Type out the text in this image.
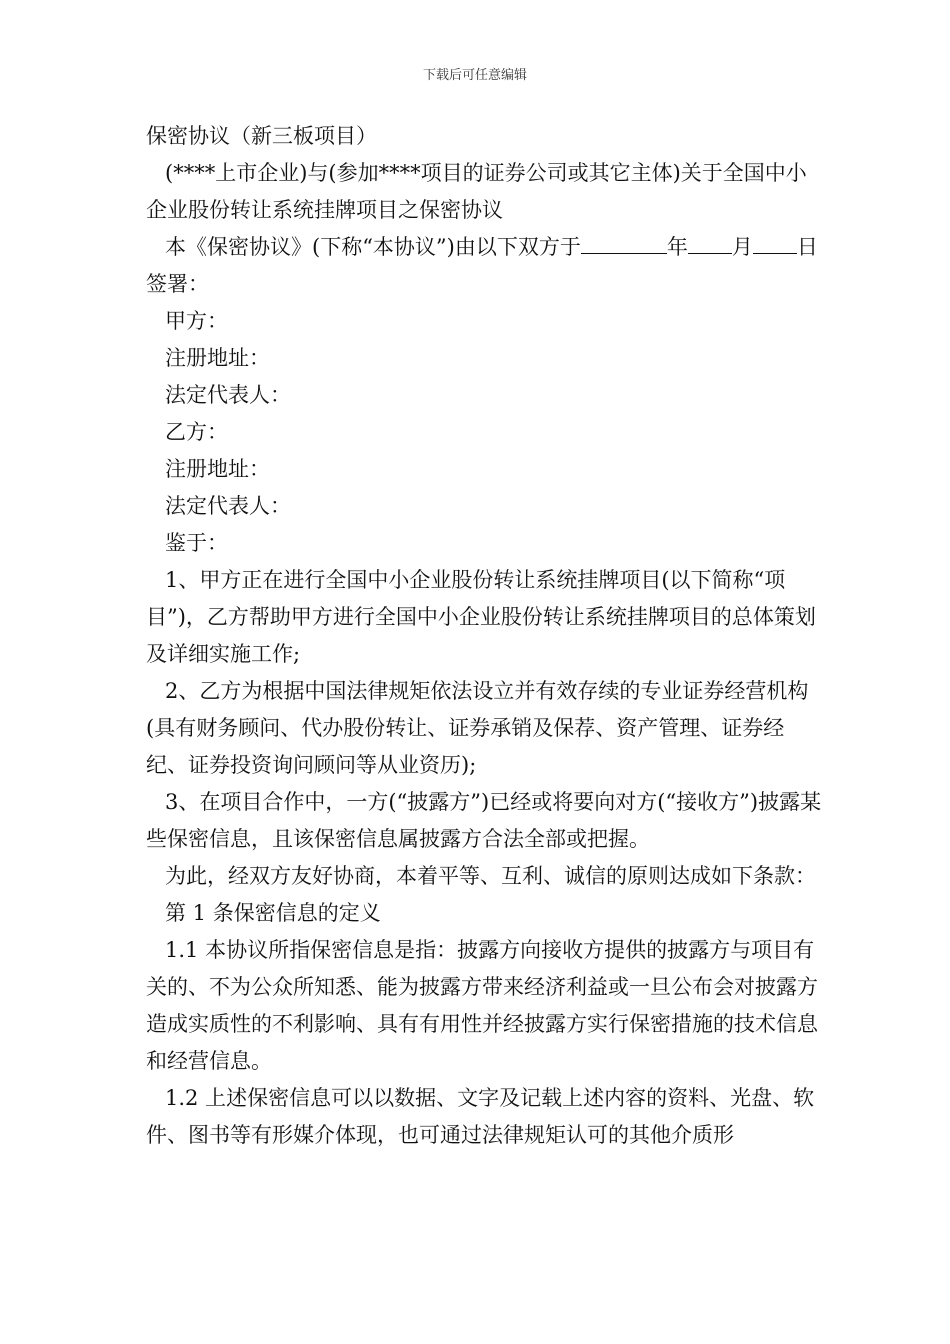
下载后可任意编辑

保密协议（新三板项目）

(****上市企业)与(参加****项目的证券公司或其它主体)关于全国中小企业股份转让系统挂牌项目之保密协议

本《保密协议》(下称“本协议”)由以下双方于	年 月 日签署：

甲方：

注册地址：

法定代表人：

乙方：

注册地址：

法定代表人：

鉴于：

1、甲方正在进行全国中小企业股份转让系统挂牌项目(以下简称“项目”)，乙方帮助甲方进行全国中小企业股份转让系统挂牌项目的总体策划及详细实施工作;

2、乙方为根据中国法律规矩依法设立并有效存续的专业证券经营机构(具有财务顾问、代办股份转让、证券承销及保荐、资产管理、证券经纪、证券投资询问顾问等从业资历);

3、在项目合作中，一方(“披露方”)已经或将要向对方(“接收方”)披露某些保密信息，且该保密信息属披露方合法全部或把握。

为此，经双方友好协商，本着平等、互利、诚信的原则达成如下条款：

第 1 条保密信息的定义

1.1 本协议所指保密信息是指：披露方向接收方提供的披露方与项目有关的、不为公众所知悉、能为披露方带来经济利益或一旦公布会对披露方造成实质性的不利影响、具有有用性并经披露方实行保密措施的技术信息和经营信息。

1.2 上述保密信息可以以数据、文字及记载上述内容的资料、光盘、软件、图书等有形媒介体现，也可通过法律规矩认可的其他介质形
